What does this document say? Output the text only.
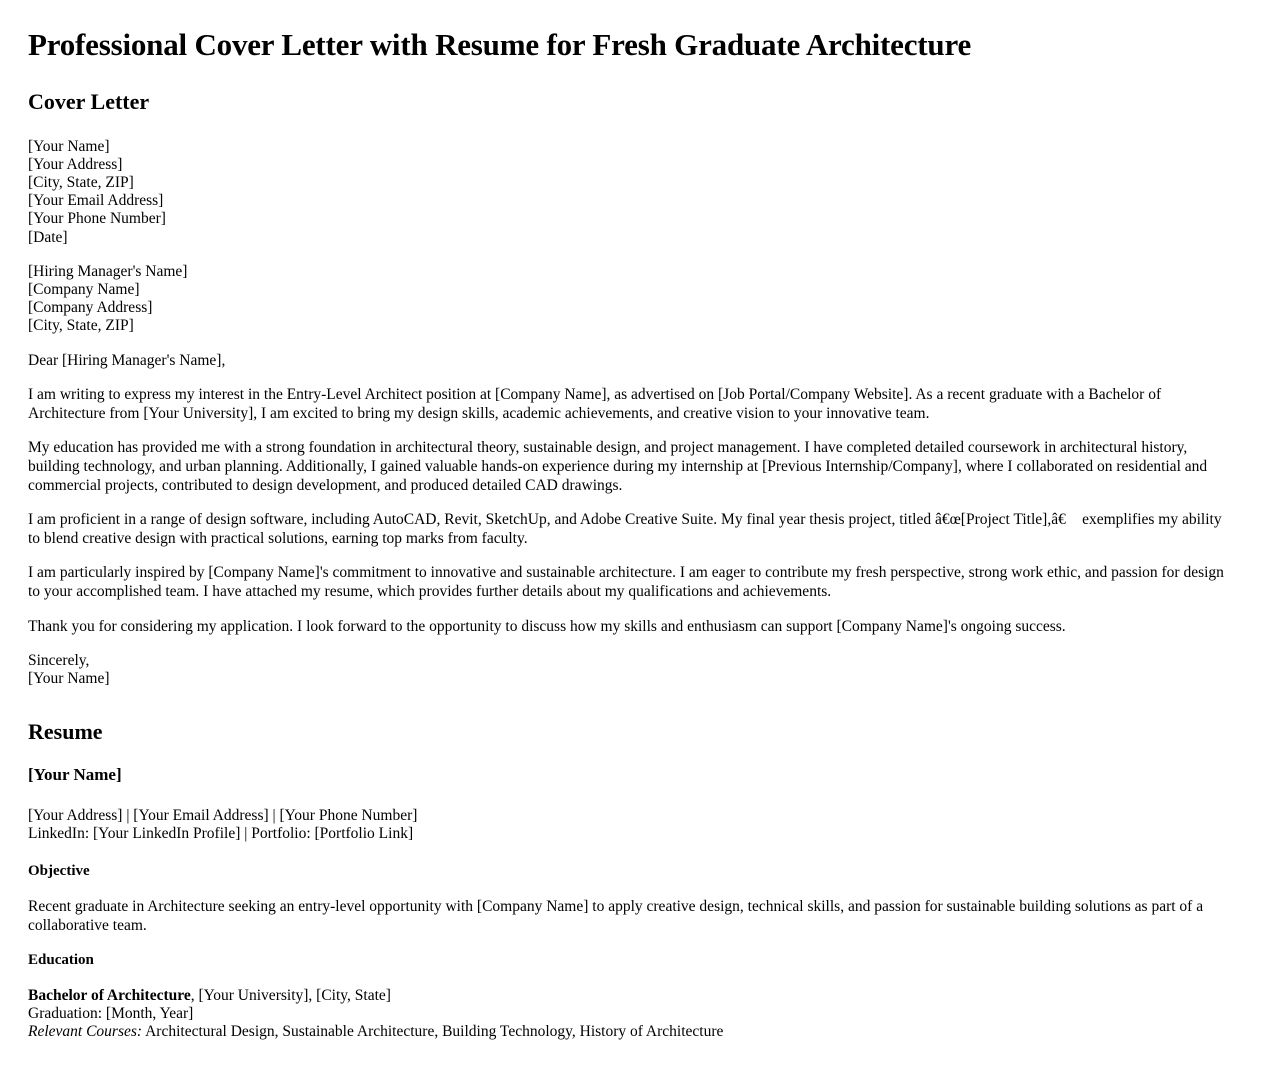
Professional Cover Letter with Resume for Fresh Graduate Architecture
Cover Letter
[Your Name]
[Your Address]
[City, State, ZIP]
[Your Email Address]
[Your Phone Number]
[Date]
[Hiring Manager's Name]
[Company Name]
[Company Address]
[City, State, ZIP]

Dear [Hiring Manager's Name],

I am writing to express my interest in the Entry-Level Architect position at [Company Name], as advertised on [Job Portal/Company Website]. As a recent graduate with a Bachelor of Architecture from [Your University], I am excited to bring my design skills, academic achievements, and creative vision to your innovative team.

My education has provided me with a strong foundation in architectural theory, sustainable design, and project management. I have completed detailed coursework in architectural history, building technology, and urban planning. Additionally, I gained valuable hands-on experience during my internship at [Previous Internship/Company], where I collaborated on residential and commercial projects, contributed to design development, and produced detailed CAD drawings.

I am proficient in a range of design software, including AutoCAD, Revit, SketchUp, and Adobe Creative Suite. My final year thesis project, titled â€œ[Project Title],â€ exemplifies my ability to blend creative design with practical solutions, earning top marks from faculty.

I am particularly inspired by [Company Name]'s commitment to innovative and sustainable architecture. I am eager to contribute my fresh perspective, strong work ethic, and passion for design to your accomplished team. I have attached my resume, which provides further details about my qualifications and achievements.

Thank you for considering my application. I look forward to the opportunity to discuss how my skills and enthusiasm can support [Company Name]'s ongoing success.

Sincerely,
[Your Name]
Resume
[Your Name]
[Your Address] | [Your Email Address] | [Your Phone Number]
LinkedIn: [Your LinkedIn Profile] | Portfolio: [Portfolio Link]
Objective

Recent graduate in Architecture seeking an entry-level opportunity with [Company Name] to apply creative design, technical skills, and passion for sustainable building solutions as part of a collaborative team.

Education
Bachelor of Architecture, [Your University], [City, State]
Graduation: [Month, Year]
Relevant Courses: Architectural Design, Sustainable Architecture, Building Technology, History of Architecture
